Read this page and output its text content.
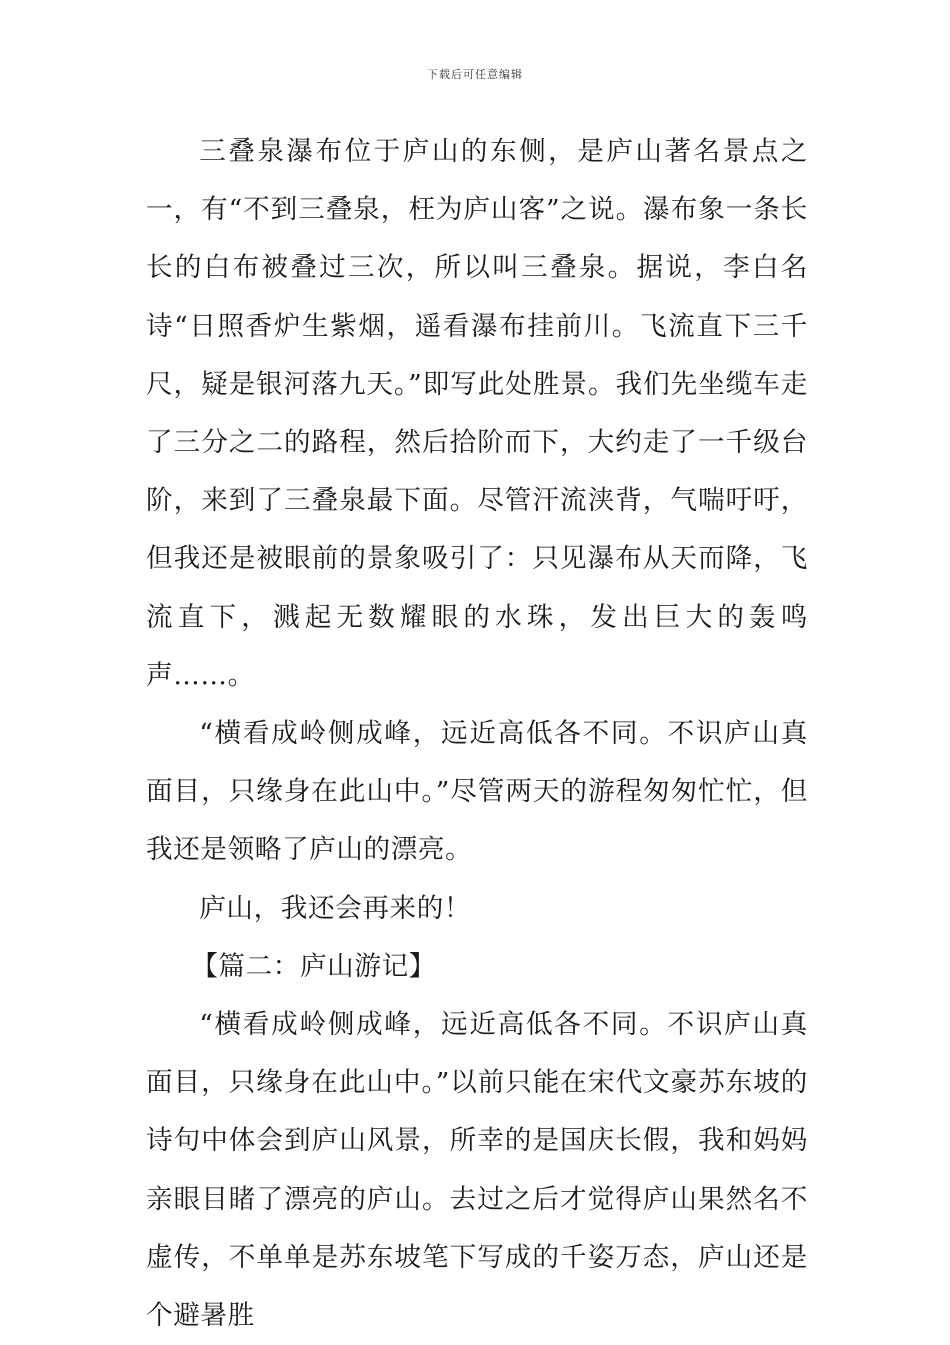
下载后可任意编辑

三叠泉瀑布位于庐山的东侧，是庐山著名景点之一，有“不到三叠泉，枉为庐山客”之说。瀑布象一条长长的白布被叠过三次，所以叫三叠泉。据说，李白名诗“日照香炉生紫烟，遥看瀑布挂前川。飞流直下三千尺，疑是银河落九天。”即写此处胜景。我们先坐缆车走了三分之二的路程，然后拾阶而下，大约走了一千级台阶，来到了三叠泉最下面。尽管汗流浃背，气喘吁吁，但我还是被眼前的景象吸引了：只见瀑布从天而降，飞流直下，溅起无数耀眼的水珠，发出巨大的轰鸣声……。

“横看成岭侧成峰，远近高低各不同。不识庐山真面目，只缘身在此山中。”尽管两天的游程匆匆忙忙，但我还是领略了庐山的漂亮。

庐山，我还会再来的！

【篇二：庐山游记】

“横看成岭侧成峰，远近高低各不同。不识庐山真面目，只缘身在此山中。”以前只能在宋代文豪苏东坡的诗句中体会到庐山风景，所幸的是国庆长假，我和妈妈亲眼目睹了漂亮的庐山。去过之后才觉得庐山果然名不虚传，不单单是苏东坡笔下写成的千姿万态，庐山还是个避暑胜
